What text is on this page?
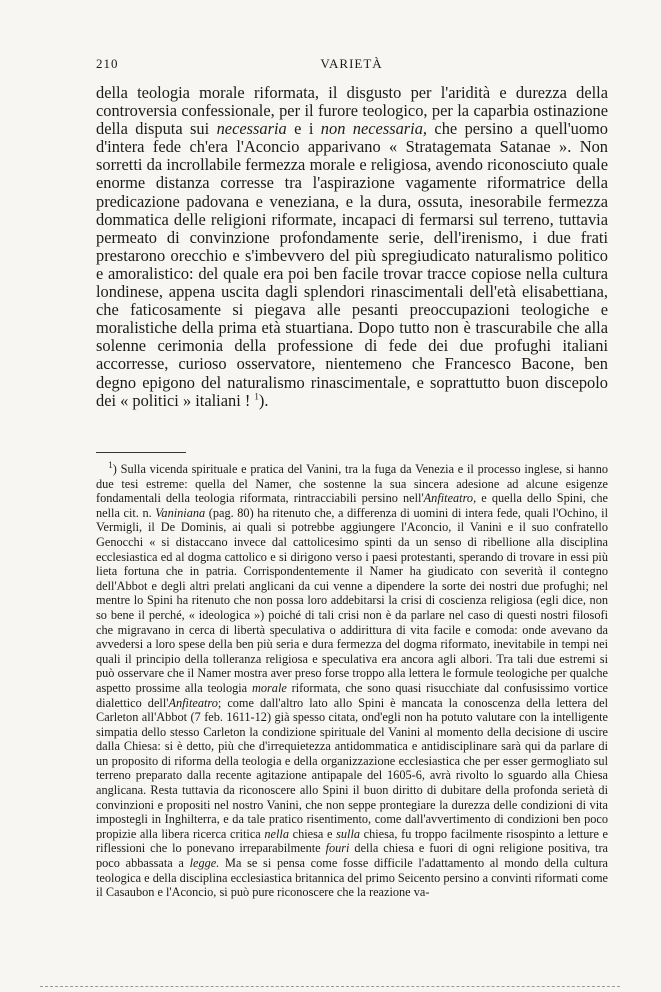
210	VARIETÀ

della teologia morale riformata, il disgusto per l'aridità e durezza della controversia confessionale, per il furore teologico, per la caparbia ostinazione della disputa sui necessaria e i non necessaria, che persino a quell'uomo d'intera fede ch'era l'Aconcio apparivano « Stratagemata Satanae ». Non sorretti da incrollabile fermezza morale e religiosa, avendo riconosciuto quale enorme distanza corresse tra l'aspirazione vagamente riformatrice della predicazione padovana e veneziana, e la dura, ossuta, inesorabile fermezza dommatica delle religioni riformate, incapaci di fermarsi sul terreno, tuttavia permeato di convinzione profondamente serie, dell'irenismo, i due frati prestarono orecchio e s'imbevvero del più spregiudicato naturalismo politico e amoralistico: del quale era poi ben facile trovar tracce copiose nella cultura londinese, appena uscita dagli splendori rinascimentali dell'età elisabettiana, che faticosamente si piegava alle pesanti preoccupazioni teologiche e moralistiche della prima età stuartiana. Dopo tutto non è trascurabile che alla solenne cerimonia della professione di fede dei due profughi italiani accorresse, curioso osservatore, nientemeno che Francesco Bacone, ben degno epigono del naturalismo rinascimentale, e soprattutto buon discepolo dei « politici » italiani ! $^1$).

 $^1$) Sulla vicenda spirituale e pratica del Vanini, tra la fuga da Venezia e il processo inglese, si hanno due tesi estreme: quella del Namer, che sostenne la sua sincera adesione ad alcune esigenze fondamentali della teologia riformata, rintracciabili persino nell'Anfiteatro, e quella dello Spini, che nella cit. n. Vaniniana (pag. 80) ha ritenuto che, a differenza di uomini di intera fede, quali l'Ochino, il Vermigli, il De Dominis, ai quali si potrebbe aggiungere l'Aconcio, il Vanini e il suo confratello Genocchi « si distaccano invece dal cattolicesimo spinti da un senso di ribellione alla disciplina ecclesiastica ed al dogma cattolico e si dirigono verso i paesi protestanti, sperando di trovare in essi più lieta fortuna che in patria. Corrispondentemente il Namer ha giudicato con severità il contegno dell'Abbot e degli altri prelati anglicani da cui venne a dipendere la sorte dei nostri due profughi; nel mentre lo Spini ha ritenuto che non possa loro addebitarsi la crisi di coscienza religiosa (egli dice, non so bene il perché, « ideologica ») poiché di tali crisi non è da parlare nel caso di questi nostri filosofi che migravano in cerca di libertà speculativa o addirittura di vita facile e comoda: onde avevano da avvedersi a loro spese della ben più seria e dura fermezza del dogma riformato, inevitabile in tempi nei quali il principio della tolleranza religiosa e speculativa era ancora agli albori. Tra tali due estremi si può osservare che il Namer mostra aver preso forse troppo alla lettera le formule teologiche per qualche aspetto prossime alla teologia morale riformata, che sono quasi risucchiate dal confusissimo vortice dialettico dell'Anfiteatro; come dall'altro lato allo Spini è mancata la conoscenza della lettera del Carleton all'Abbot (7 feb. 1611-12) già spesso citata, ond'egli non ha potuto valutare con la intelligente simpatia dello stesso Carleton la condizione spirituale del Vanini al momento della decisione di uscire dalla Chiesa: si è detto, più che d'irrequietezza antidommatica e antidisciplinare sarà qui da parlare di un proposito di riforma della teologia e della organizzazione ecclesiastica che per esser germogliato sul terreno preparato dalla recente agitazione antipapale del 1605-6, avrà rivolto lo sguardo alla Chiesa anglicana. Resta tuttavia da riconoscere allo Spini il buon diritto di dubitare della profonda serietà di convinzioni e propositi nel nostro Vanini, che non seppe prontegiare la durezza delle condizioni di vita impostegli in Inghilterra, e da tale pratico risentimento, come dall'avvertimento di condizioni ben poco propizie alla libera ricerca critica nella chiesa e sulla chiesa, fu troppo facilmente risospinto a letture e riflessioni che lo ponevano irreparabilmente fouri della chiesa e fuori di ogni religione positiva, tra poco abbassata a legge. Ma se si pensa come fosse difficile l'adattamento al mondo della cultura teologica e della disciplina ecclesiastica britannica del primo Seicento persino a convinti riformati come il Casaubon e l'Aconcio, si può pure riconoscere che la reazione va-
